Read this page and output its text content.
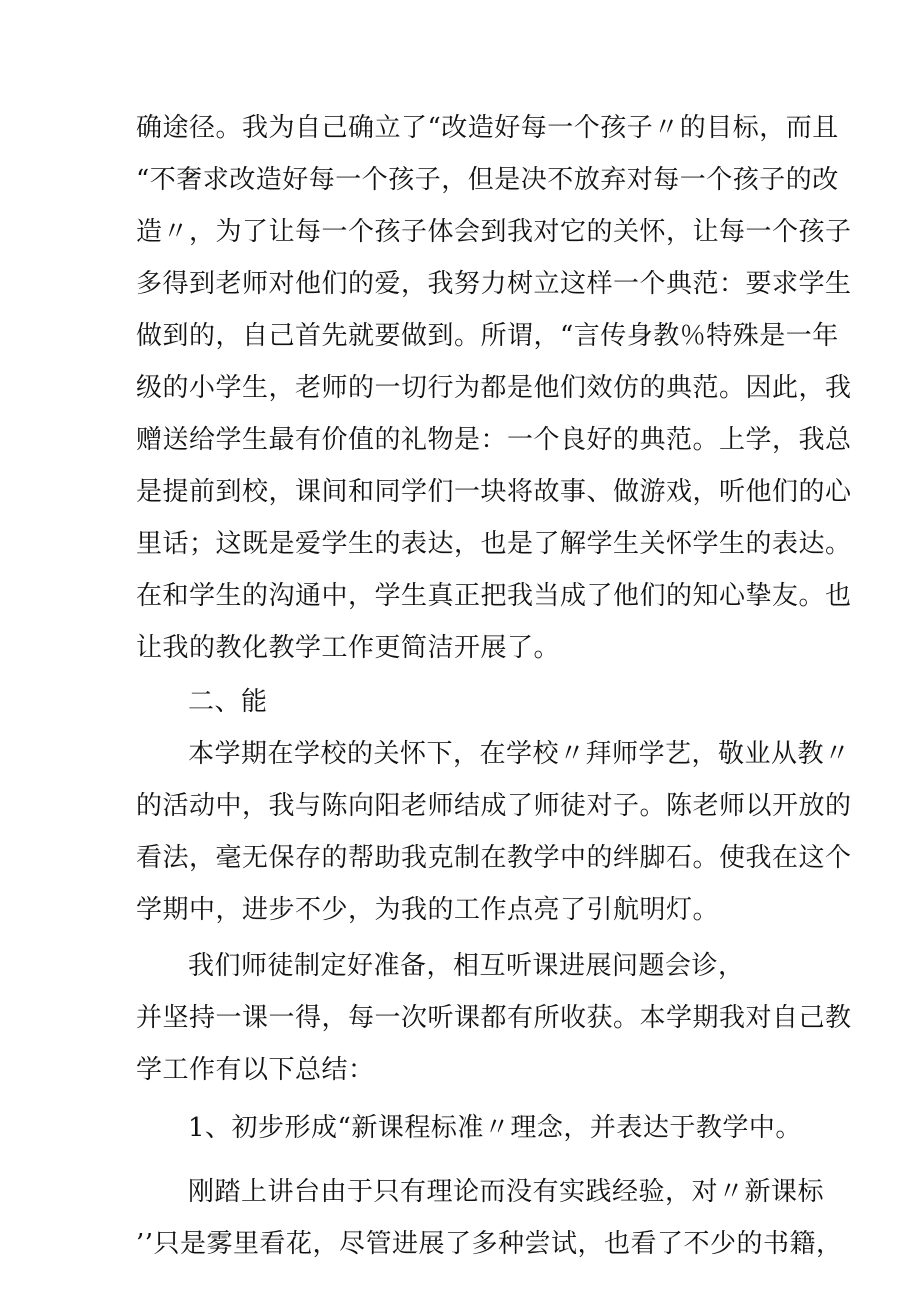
确途径。我为自己确立了“改造好每一个孩子〃的目标，而且
“不奢求改造好每一个孩子，但是决不放弃对每一个孩子的改
造〃，为了让每一个孩子体会到我对它的关怀，让每一个孩子
多得到老师对他们的爱，我努力树立这样一个典范：要求学生
做到的，自己首先就要做到。所谓，“言传身教％特殊是一年
级的小学生，老师的一切行为都是他们效仿的典范。因此，我
赠送给学生最有价值的礼物是：一个良好的典范。上学，我总
是提前到校，课间和同学们一块将故事、做游戏，听他们的心
里话；这既是爱学生的表达，也是了解学生关怀学生的表达。
在和学生的沟通中，学生真正把我当成了他们的知心挚友。也
让我的教化教学工作更简洁开展了。
二、能
本学期在学校的关怀下，在学校〃拜师学艺，敬业从教〃
的活动中，我与陈向阳老师结成了师徒对子。陈老师以开放的
看法，毫无保存的帮助我克制在教学中的绊脚石。使我在这个
学期中，进步不少，为我的工作点亮了引航明灯。
我们师徒制定好准备，相互听课进展问题会诊，
并坚持一课一得，每一次听课都有所收获。本学期我对自己教
学工作有以下总结：
1、初步形成“新课程标准〃理念，并表达于教学中。
刚踏上讲台由于只有理论而没有实践经验，对〃新课标
’’只是雾里看花，尽管进展了多种尝试，也看了不少的书籍，
